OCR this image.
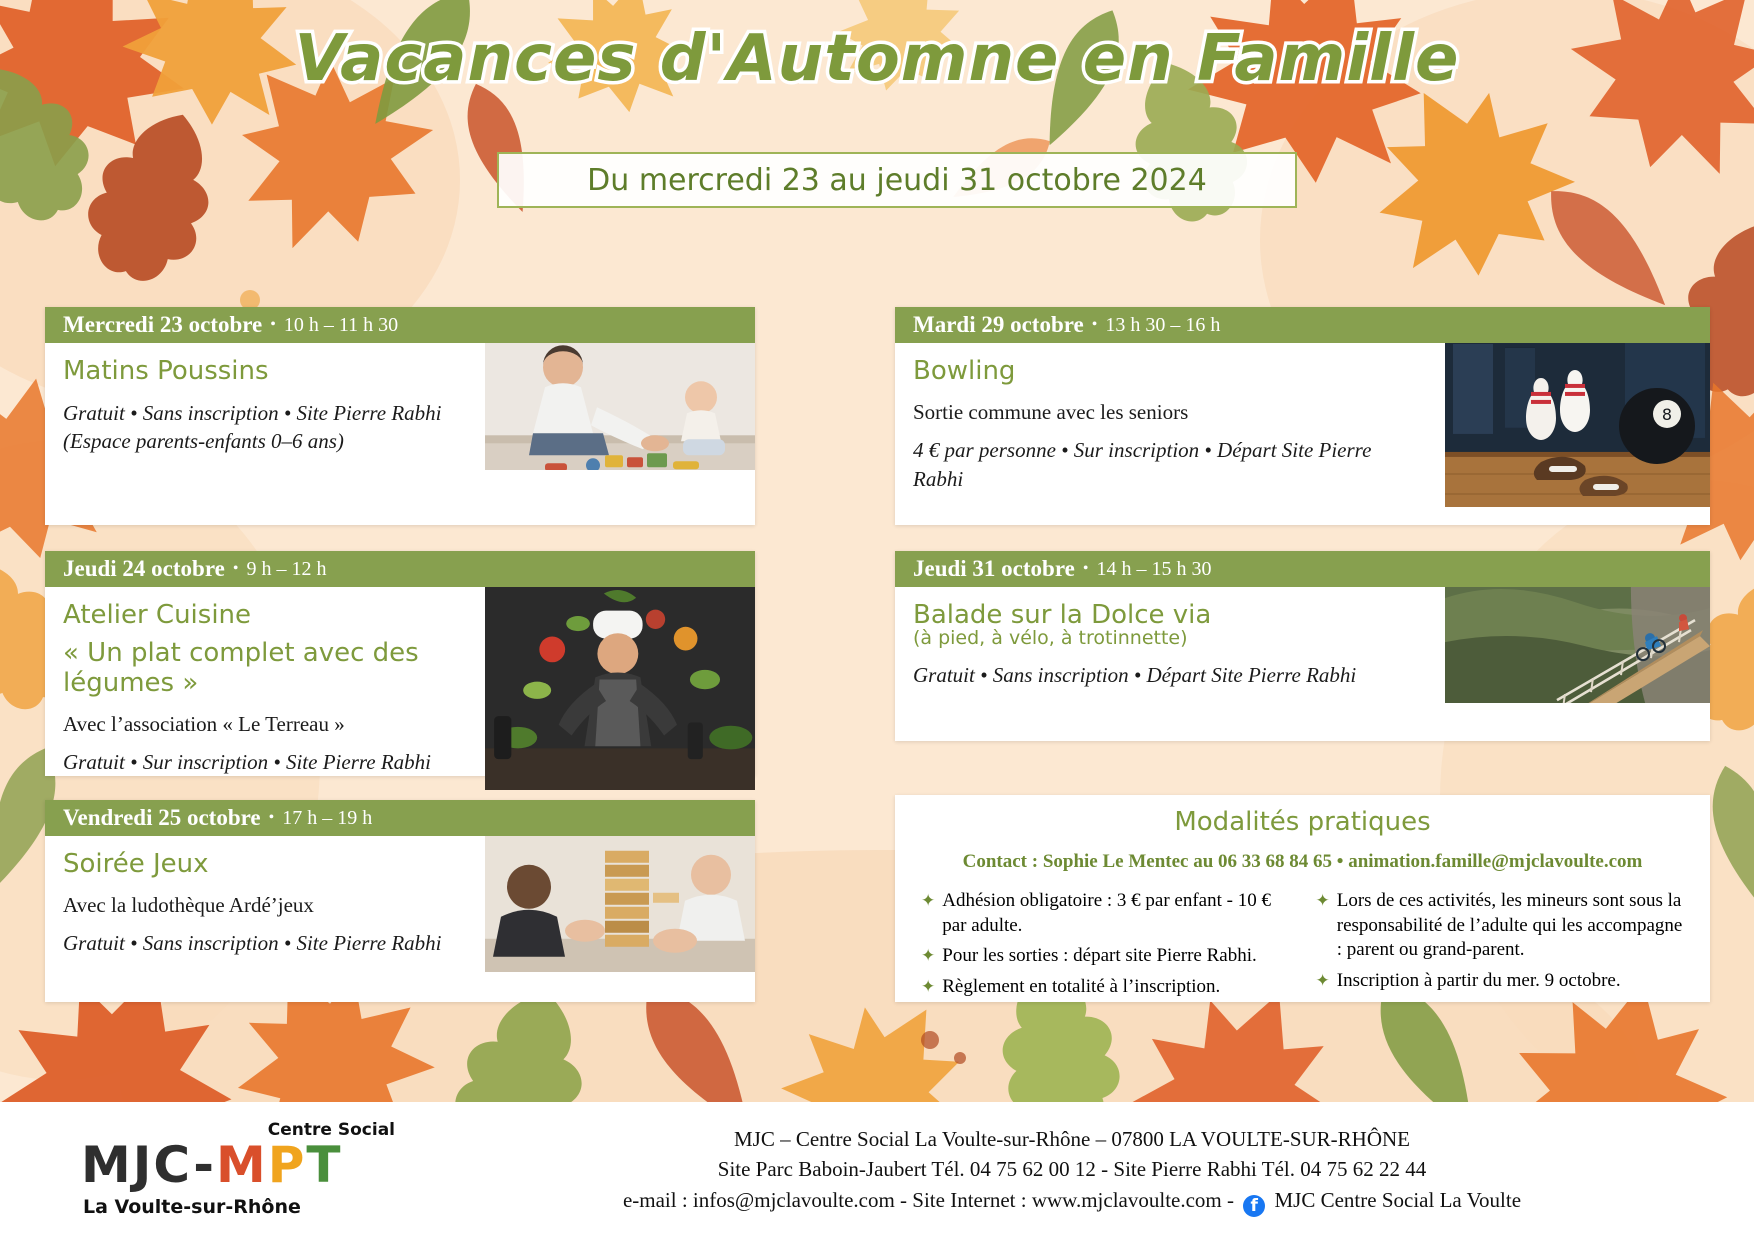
Vacances d'Automne en Famille
Du mercredi 23 au jeudi 31 octobre 2024
Mercredi 23 octobre • 10 h – 11 h 30
Matins Poussins
Gratuit • Sans inscription • Site Pierre Rabhi (Espace parents-enfants 0–6 ans)
Jeudi 24 octobre • 9 h – 12 h
Atelier Cuisine
« Un plat complet avec des légumes »
Avec l’association « Le Terreau »
Gratuit • Sur inscription • Site Pierre Rabhi
Vendredi 25 octobre • 17 h – 19 h
Soirée Jeux
Avec la ludothèque Ardé’jeux
Gratuit • Sans inscription • Site Pierre Rabhi
Mardi 29 octobre • 13 h 30 – 16 h
Bowling
Sortie commune avec les seniors
4 € par personne • Sur inscription • Départ Site Pierre Rabhi
8
Jeudi 31 octobre • 14 h – 15 h 30
Balade sur la Dolce via
(à pied, à vélo, à trotinnette)
Gratuit • Sans inscription • Départ Site Pierre Rabhi
Modalités pratiques
Contact : Sophie Le Mentec au 06 33 68 84 65 • animation.famille@mjclavoulte.com
✦ Adhésion obligatoire : 3 € par enfant - 10 € par adulte.
✦ Pour les sorties : départ site Pierre Rabhi.
✦ Règlement en totalité à l’inscription.
✦ Lors de ces activités, les mineurs sont sous la responsabilité de l’adulte qui les accompagne : parent ou grand-parent.
✦ Inscription à partir du mer. 9 octobre.
Centre Social
MJC-MPT
La Voulte-sur-Rhône
MJC – Centre Social La Voulte-sur-Rhône – 07800 LA VOULTE-SUR-RHÔNE
Site Parc Baboin-Jaubert Tél. 04 75 62 00 12 - Site Pierre Rabhi Tél. 04 75 62 22 44
e-mail : infos@mjclavoulte.com - Site Internet : www.mjclavoulte.com - f MJC Centre Social La Voulte
